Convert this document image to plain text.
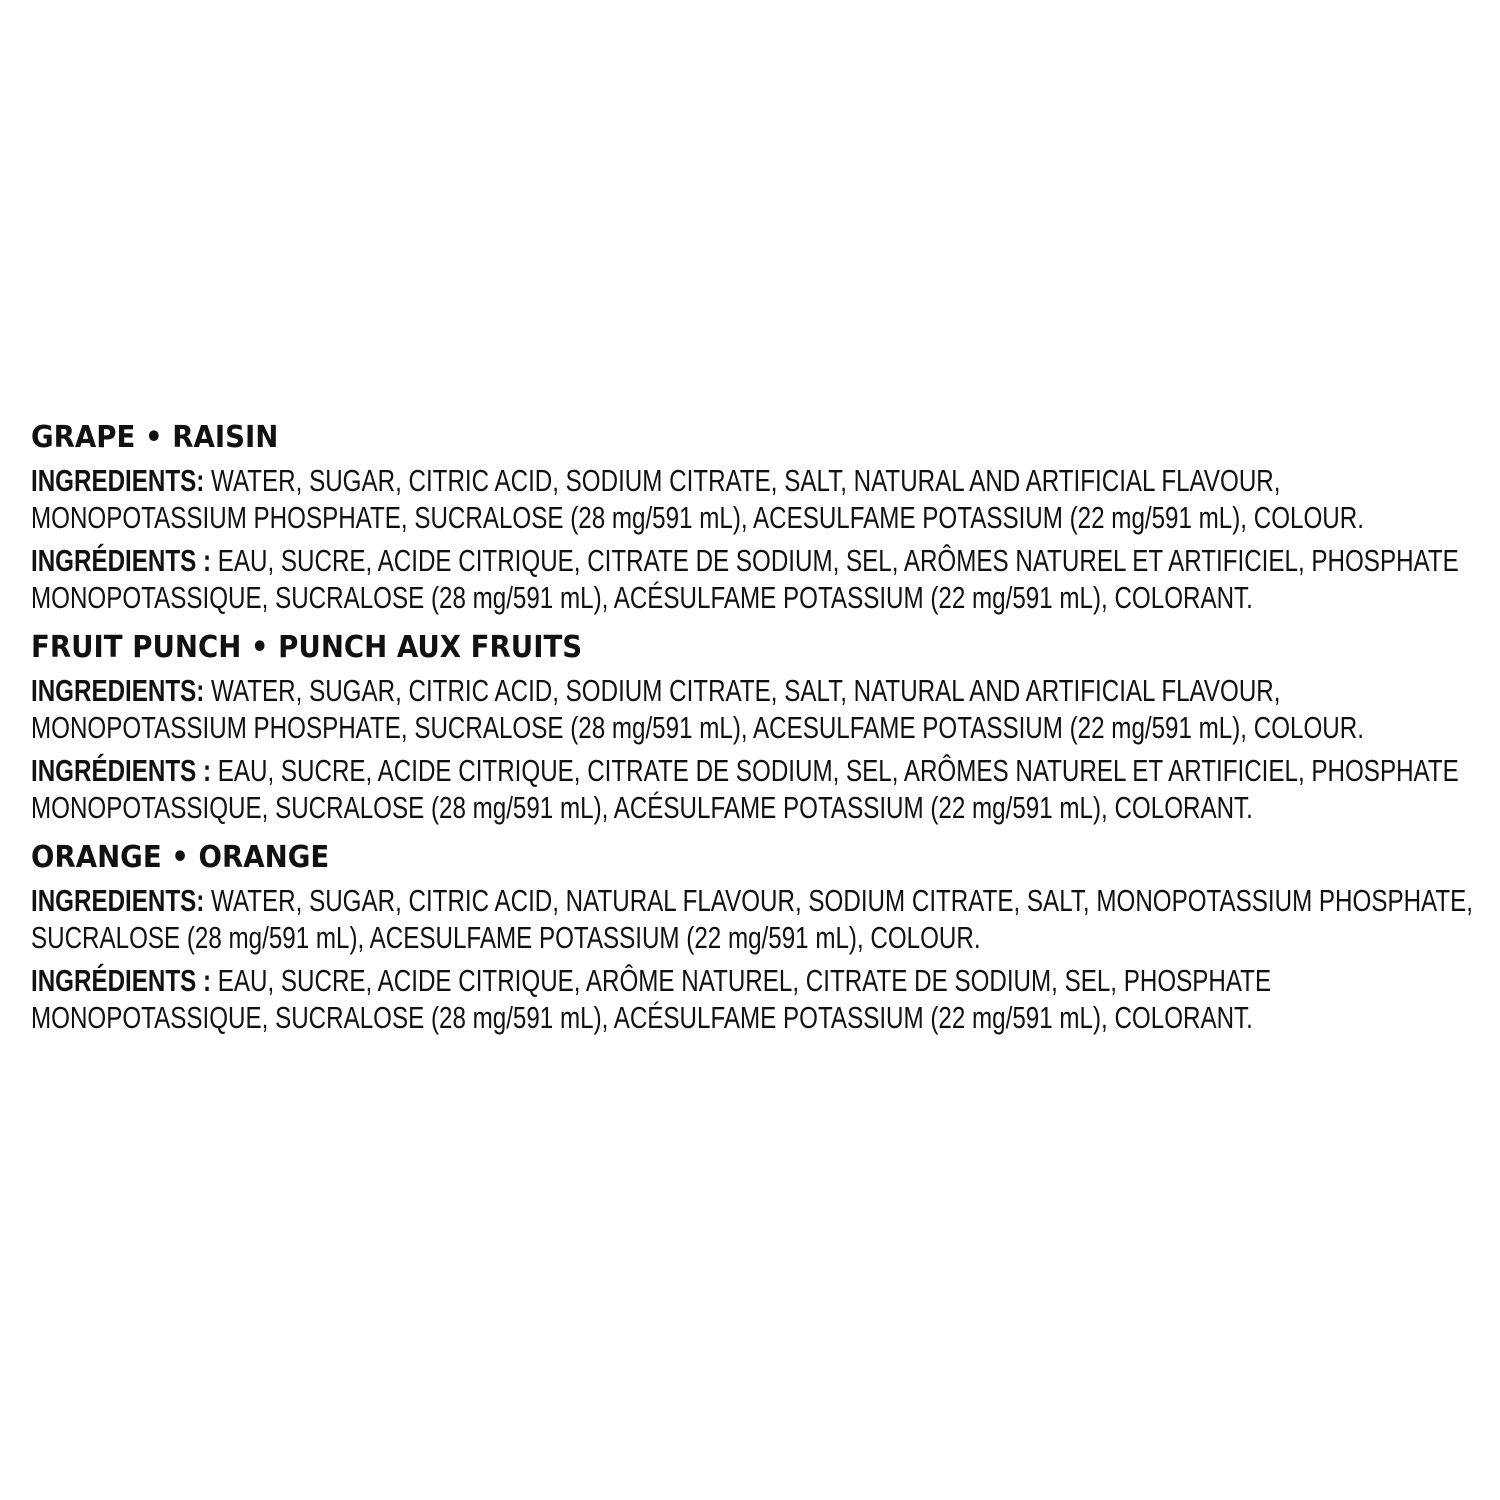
GRAPE • RAISIN
INGREDIENTS: WATER, SUGAR, CITRIC ACID, SODIUM CITRATE, SALT, NATURAL AND ARTIFICIAL FLAVOUR,
MONOPOTASSIUM PHOSPHATE, SUCRALOSE (28 mg/591 mL), ACESULFAME POTASSIUM (22 mg/591 mL), COLOUR.
INGRÉDIENTS : EAU, SUCRE, ACIDE CITRIQUE, CITRATE DE SODIUM, SEL, ARÔMES NATUREL ET ARTIFICIEL, PHOSPHATE
MONOPOTASSIQUE, SUCRALOSE (28 mg/591 mL), ACÉSULFAME POTASSIUM (22 mg/591 mL), COLORANT.
FRUIT PUNCH • PUNCH AUX FRUITS
INGREDIENTS: WATER, SUGAR, CITRIC ACID, SODIUM CITRATE, SALT, NATURAL AND ARTIFICIAL FLAVOUR,
MONOPOTASSIUM PHOSPHATE, SUCRALOSE (28 mg/591 mL), ACESULFAME POTASSIUM (22 mg/591 mL), COLOUR.
INGRÉDIENTS : EAU, SUCRE, ACIDE CITRIQUE, CITRATE DE SODIUM, SEL, ARÔMES NATUREL ET ARTIFICIEL, PHOSPHATE
MONOPOTASSIQUE, SUCRALOSE (28 mg/591 mL), ACÉSULFAME POTASSIUM (22 mg/591 mL), COLORANT.
ORANGE • ORANGE
INGREDIENTS: WATER, SUGAR, CITRIC ACID, NATURAL FLAVOUR, SODIUM CITRATE, SALT, MONOPOTASSIUM PHOSPHATE,
SUCRALOSE (28 mg/591 mL), ACESULFAME POTASSIUM (22 mg/591 mL), COLOUR.
INGRÉDIENTS : EAU, SUCRE, ACIDE CITRIQUE, ARÔME NATUREL, CITRATE DE SODIUM, SEL, PHOSPHATE
MONOPOTASSIQUE, SUCRALOSE (28 mg/591 mL), ACÉSULFAME POTASSIUM (22 mg/591 mL), COLORANT.
